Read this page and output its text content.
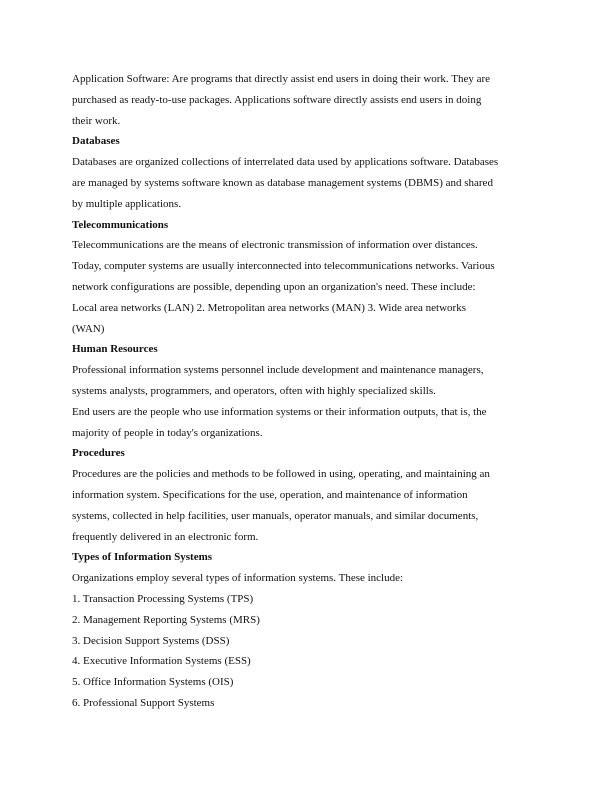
Application Software: Are programs that directly assist end users in doing their work. They are
purchased as ready-to-use packages. Applications software directly assists end users in doing
their work.
Databases
Databases are organized collections of interrelated data used by applications software. Databases
are managed by systems software known as database management systems (DBMS) and shared
by multiple applications.
Telecommunications
Telecommunications are the means of electronic transmission of information over distances.
Today, computer systems are usually interconnected into telecommunications networks. Various
network configurations are possible, depending upon an organization's need. These include:
Local area networks (LAN) 2. Metropolitan area networks (MAN) 3. Wide area networks
(WAN)
Human Resources
Professional information systems personnel include development and maintenance managers,
systems analysts, programmers, and operators, often with highly specialized skills.
End users are the people who use information systems or their information outputs, that is, the
majority of people in today's organizations.
Procedures
Procedures are the policies and methods to be followed in using, operating, and maintaining an
information system. Specifications for the use, operation, and maintenance of information
systems, collected in help facilities, user manuals, operator manuals, and similar documents,
frequently delivered in an electronic form.
Types of Information Systems
Organizations employ several types of information systems. These include:
1. Transaction Processing Systems (TPS)
2. Management Reporting Systems (MRS)
3. Decision Support Systems (DSS)
4. Executive Information Systems (ESS)
5. Office Information Systems (OIS)
6. Professional Support Systems
